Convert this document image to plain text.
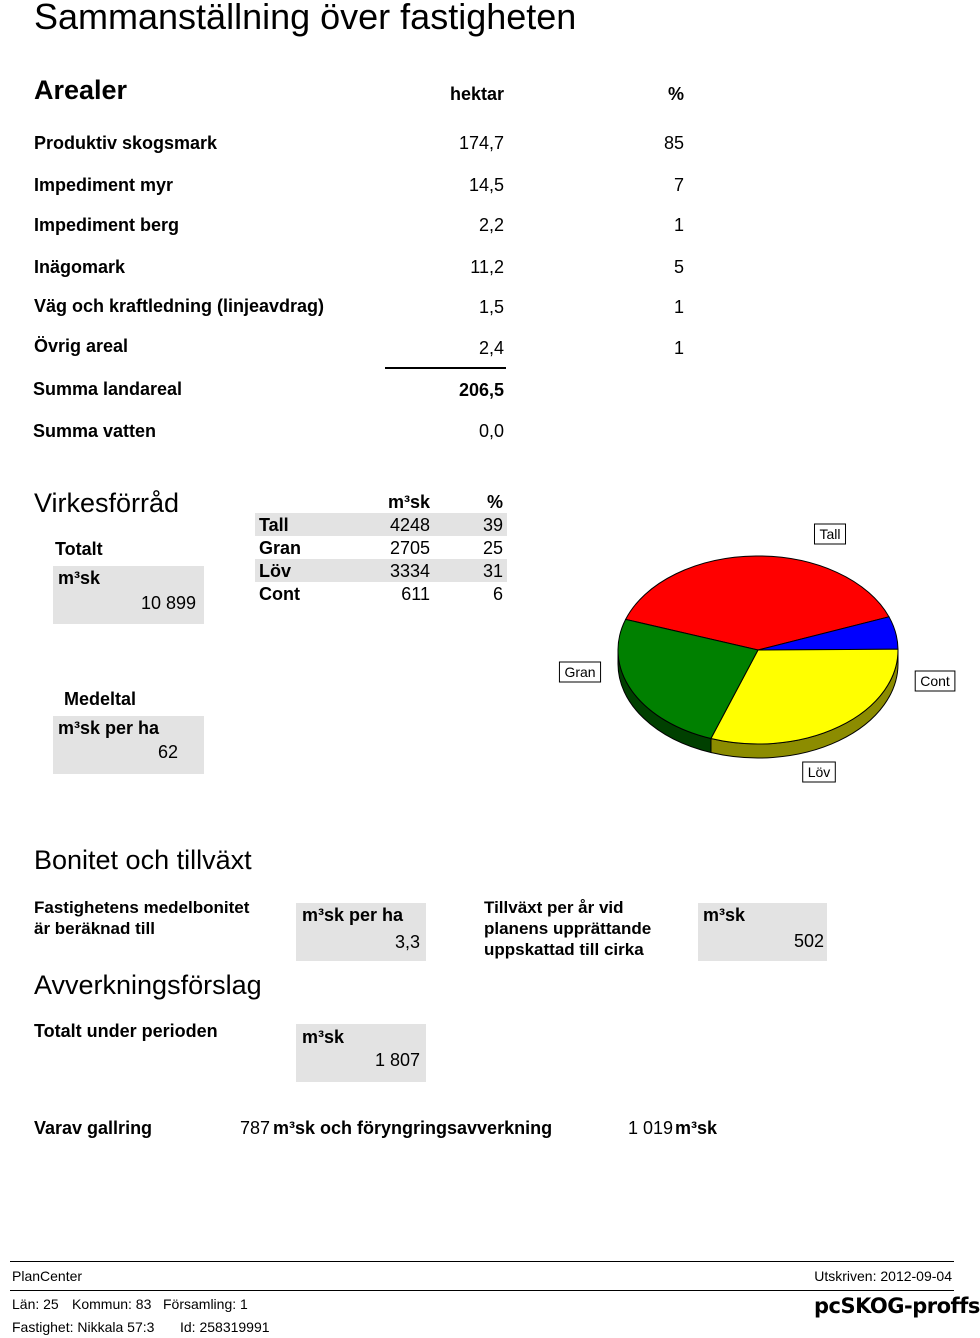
Sammanställning över fastigheten
Arealer	hektar	%
Produktiv skogsmark	174,7	85
Impediment myr	14,5	7
Impediment berg	2,2	1
Inägomark	11,2	5
Väg och kraftledning (linjeavdrag)	1,5	1
Övrig areal	2,4	1
Summa landareal	206,5
Summa vatten	0,0
Virkesförråd
Totalt
m³sk
10 899
m³sk	%
Tall	4248	39
Gran	2705	25
Löv	3334	31
Cont	611	6
Medeltal
m³sk per ha
62
Tall
Gran
Löv
Cont
Bonitet och tillväxt
Fastighetens medelbonitet
är beräknad till
m³sk per ha
3,3
Tillväxt per år vid
planens upprättande
uppskattad till cirka
m³sk
502
Avverkningsförslag
Totalt under perioden	m³sk
1 807
Varav gallring	787 m³sk och föryngringsavverkning	1 019 m³sk
PlanCenter	Utskriven: 2012-09-04
Län: 25 Kommun: 83 Församling: 1
Fastighet: Nikkala 57:3 Id: 258319991
pcSKOG-proffs
